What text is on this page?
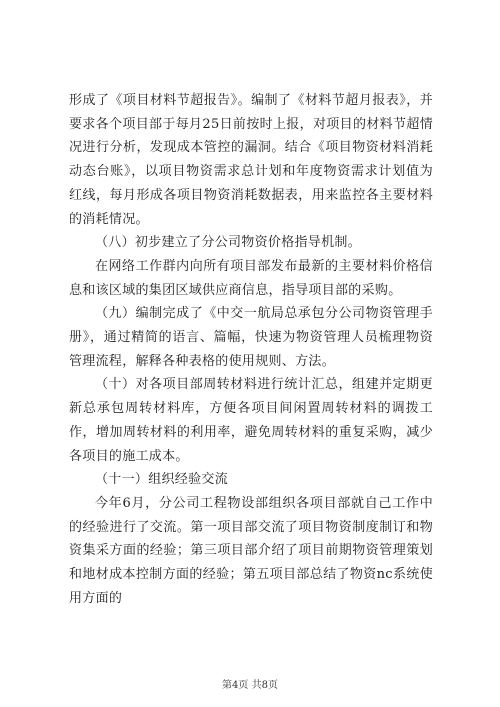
形成了《项目材料节超报告》。编制了《材料节超月报表》，并要求各个项目部于每月25日前按时上报，对项目的材料节超情况进行分析，发现成本管控的漏洞。结合《项目物资材料消耗动态台账》，以项目物资需求总计划和年度物资需求计划值为红线，每月形成各项目物资消耗数据表，用来监控各主要材料的消耗情况。

（八）初步建立了分公司物资价格指导机制。

在网络工作群内向所有项目部发布最新的主要材料价格信息和该区域的集团区域供应商信息，指导项目部的采购。

（九）编制完成了《中交一航局总承包分公司物资管理手册》，通过精简的语言、篇幅，快速为物资管理人员梳理物资管理流程，解释各种表格的使用规则、方法。

（十）对各项目部周转材料进行统计汇总，组建并定期更新总承包周转材料库，方便各项目间闲置周转材料的调拨工作，增加周转材料的利用率，避免周转材料的重复采购，减少各项目的施工成本。

（十一）组织经验交流

今年6月，分公司工程物设部组织各项目部就自己工作中的经验进行了交流。第一项目部交流了项目物资制度制订和物资集采方面的经验；第三项目部介绍了项目前期物资管理策划和地材成本控制方面的经验；第五项目部总结了物资nc系统使用方面的

第4页 共8页
